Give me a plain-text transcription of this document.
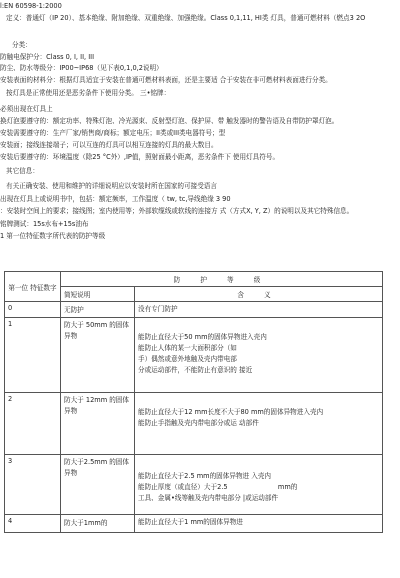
l:EN 60598-1:2000
定义：普通灯（IP 20）、基本绝缘、附加绝缘、双重绝缘、加强绝缘。Class 0,1,11, HI类 灯具，普通可燃材料（燃点3 2O
分类：
防触电保护分：Class 0, I, II, III
防尘、防水等级分：IP00~IP68（见下表0,1,0,2说明）
安装表面的材料分：根据灯具适宜于安装在普通可燃材料表面，还是主要适 合于安装在非可燃材料表面进行分类。
按灯具是正常使用还是恶劣条件下使用分类。 三•铭牌：
必须出现在灯具上
换灯泡要遵守的：额定功率、特殊灯泡、冷光源束、反射型灯泡、保护屏、带 触发器时的警告语及自带防护罩灯泡。
安装需要遵守的：生产厂家/销售商/商标；额定电压；II类或III类电器符号；型
安装面；接线连接端子；可以互连的灯具可以相互连接的灯具的最大数目。
安装后要遵守的：环境温度（除25 °C外）,IP值，照射面最小距离，恶劣条件下 使用灯具符号。
其它信息：
有关正确安装、使用和维护的详细说明应以安装时所在国家的可接受语言
出现在灯具上或说明书中，包括：额定频率，工作温度（ tw, tc,导线绝缘 3 90
：安装时空间上的要求；接线图；室内使用等；外部软缆线或软线的连接方 式（方式X, Y, Z）的说明以及其它特殊信息。
铭牌测试：15s水布+15s油布
1 第一位特征数字所代表的防护等级
第一位 特征数字	防 护 等 级	
	简短说明	含 义
0	无防护	没有专门防护

1	防大于 50mm 的固体异物	能防止直径大于50 mm的固体异物进入壳内
能防止人体的某一大面积部分（如
手）偶然或意外地触及壳内带电部
分或运动部件，不能防止有意识的 接近

2	防大于 12mm 的固体异物	能防止直径大于12 mm长度不大于80 mm的固体异物进入壳内
能防止手指触及壳内带电部分或运 动部件

3	防大于2.5mm 的固体异物	能防止直径大于2.5 mm的固体异物进 入壳内
能防止厚度（或直径）大于2.5                        mm的
工具、金属•线等触及壳内带电部分 |或运动部件

4	防大于1mm的	能防止直径大于1 mm的固体异物进
